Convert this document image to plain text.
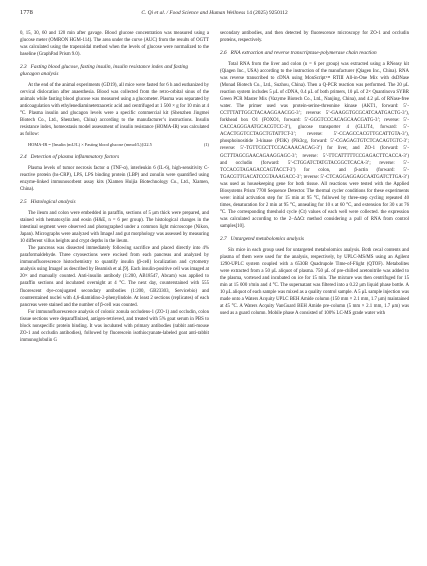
1778	C. Qi et al. / Food Science and Human Wellness 14 (2025) 9250112

0, 15, 30, 60 and 120 min after gavage. Blood glucose concentration was measured using a glucose meter (OMRON HGM-114). The area under the curve (AUC) from the results of OGTT was calculated using the trapezoidal method when the levels of glucose were normalized to the baseline (GraphPad Prism 9.0).

2.3 Fasting blood glucose, fasting insulin, insulin resistance index and fasting glucagon analysis

At the end of the animal experiments (GD19), all mice were fasted for 6 h and euthanized by cervical dislocation after anaesthesia. Blood was collected from the retro-orbital sinus of the animals while fasting blood glucose was measured using a glucometer. Plasma was separated by anticoagulation with ethylenediaminetetraacetic acid and centrifuged at 1 500 × g for 10 min at 4 °C. Plasma insulin and glucagon levels were a specific commercial kit (Shenzhen Jingmei Biotech Co., Ltd., Shenzhen, China) according to the manufacturer’s instructions. Insulin resistance index, homeostasis model assessment of insulin resistance (HOMA-IR) was calculated as follow:

HOMA-IR = [Insulin (mU/L) × Fasting blood glucose (mmol/L)]/22.5	(1)
2.4 Detection of plasma inflammatory factors

Plasma levels of tumor necrosis factor α (TNF-α), interleukin 6 (IL-6), high-sensitivity C-reactive protein (hs-CRP), LPS, LPS binding protein (LBP) and zonulin were quantified using enzyme-linked immunosorbent assay kits (Xiamen Huijia Biotechnology Co., Ltd., Xiamen, China).

2.5 Histological analysis

The ileum and colon were embedded in paraffin, sections of 5 μm thick were prepared, and stained with hematoxylin and eosin (H&E, n = 6 per group). The histological changes in the intestinal segment were observed and photographed under a common light microscope (Nikon, Japan). Micrographs were analyzed with ImageJ and gut morphology was assessed by measuring 10 different villus heights and crypt depths in the ileum.

The pancreas was dissected immediately following sacrifice and placed directly into 4% paraformaldehyde. Three cryosections were excised from each pancreas and analyzed by immunofluorescence histochemistry to quantify insulin (β-cell) localization and cytometry analysis using ImageJ as described by Beamish et al.[9]. Each insulin-positive cell was imaged at 20× and manually counted. Anti-insulin antibody (1:200, AB18547, Abcam) was applied to paraffin sections and incubated overnight at 4 °C. The next day, counterstained with 555 fluorescent dye-conjugated secondary antibodies (1:200, GB23303, Servicebio) and counterstained nuclei with 4,6-diamidino-2-phenylindole. At least 2 sections (replicates) of each pancreas were stained and the number of β-cell was counted.

For immunofluorescence analysis of colonic zonula occludens-1 (ZO-1) and occludin, colon tissue sections were deparaffinized, antigen-retrieved, and treated with 5% goat serum in PBS to block nonspecific protein binding. It was incubated with primary antibodies (rabbit anti-mouse ZO-1 and occludin antibodies), followed by fluorescein isothiocyanate-labeled goat anti-rabbit immunoglobulin G

secondary antibodies, and then detected by fluorescence microscopy for ZO-1 and occludin proteins, respectively.

2.6 RNA extraction and reverse transcriptase-polymerase chain reaction

Total RNA from the liver and colon (n = 6 per group) was extracted using a RNeasy kit (Qiagen Inc., USA) according to the instruction of the manufacturer (Qiagen Inc., China). RNA was reverse transcribed to cDNA using MonScript™ RTIII All-in-One Mix with dsDNase (Monad Biotech Co., Ltd., Suzhou, China). Then a Q-PCR reaction was performed. The 20 μL reaction system includes 5 μL of cDNA, 0.4 μL of both primers, 10 μL of 2× Quantinova SYBR Green PCR Master Mix (Vazyme Biotech Co., Ltd., Nanjing, China), and 4.2 μL of RNase-free water. The primer used was protein-serine-threonine kinase (AKT1, forward: 5’-CCTTTATTGGCTACAAGGAACGG-3’; reverse: 5’-GAAGGTGCGCATCAATGACTG-3’), forkhead box O1 (FOXO1, forward: 5’-GGGTCCCACAGCAACGATG-3’; reverse: 5’-CACCAGGGAATGCACGTCC-3’), glucose transporter 4 (GLUT4, forward: 5’-ACACTGGTCCTAGCTGTATTCT-3’; reverse: 5’-CCAGCCACGTTGCATTGTA-3’), phosphoinositide 3-kinase (PI3K) (Pik3cg, forward: 5’-CGAGAGTGTCTCACAGTGTC-3’; reverse: 5’-TGTTCGCTTCCACAAACACAG-3’) for liver, and ZO-1 (forward: 5’-GCTTTAGCGAACAGAAGGAGC-3’; reverse: 5’-TTCATTTTTCCGAGACTTCACCA-3’) and occludin (forward: 5’-CTGGATCTATGTACGGCTCACA-3’; reverse: 5’-TCCACGTAGAGACCAGTACCT-3’) for colon, and β-actin (forward: 5’-TGACGTTGACATCCGTAAAGACC-3’; reverse: 5’-CTCAGGAGGAGCAATGATCTTGA-3’) was used as housekeeping gene for both tissue. All reactions were tested with the Applied Biosystems Prism 7700 Sequence Detector. The thermal cycler conditions for these experiments were: initial activation step for 15 min at 95 °C, followed by three-step cycling repeated 40 times, denaturation for 2 min at 95 °C, annealing for 10 s at 60 °C, and extension for 30 s at 76 °C. The corresponding threshold cycle (Ct) values of each well were collected. the expression was calculated according to the 2−ΔΔCt method considering a pull of RNA from control samples[10].

2.7 Untargeted metabolomics analysis

Six mice in each group used for untargeted metabolomics analysis. Both cecal contents and plasma of them were used for the analysis, respectively, by UPLC-MS/MS using an Agilent 1290-UPLC system coupled with a 6530B Quadrupole Time-of-Flight (QTOF). Metabolites were extracted from a 50 μL aliquot of plasma. 750 μL of pre-chilled acetonitrile was added to the plasma, vortexed and incubated on ice for 15 min. The mixture was then centrifuged for 15 min at 15 000 r/min and 4 °C. The supernatant was filtered into a 0.22 μm liquid phase bottle. A 10 μL aliquot of each sample was mixed as a quality control sample. A 5 μL sample injection was made onto a Waters Acquity UPLC BEH Amide column (150 mm × 2.1 mm, 1.7 μm) maintained at 45 °C. A Waters Acquity VanGuard BEH Amide pre-column (5 mm × 2.1 mm, 1.7 μm) was used as a guard column. Mobile phase A consisted of 100% LC-MS grade water with
